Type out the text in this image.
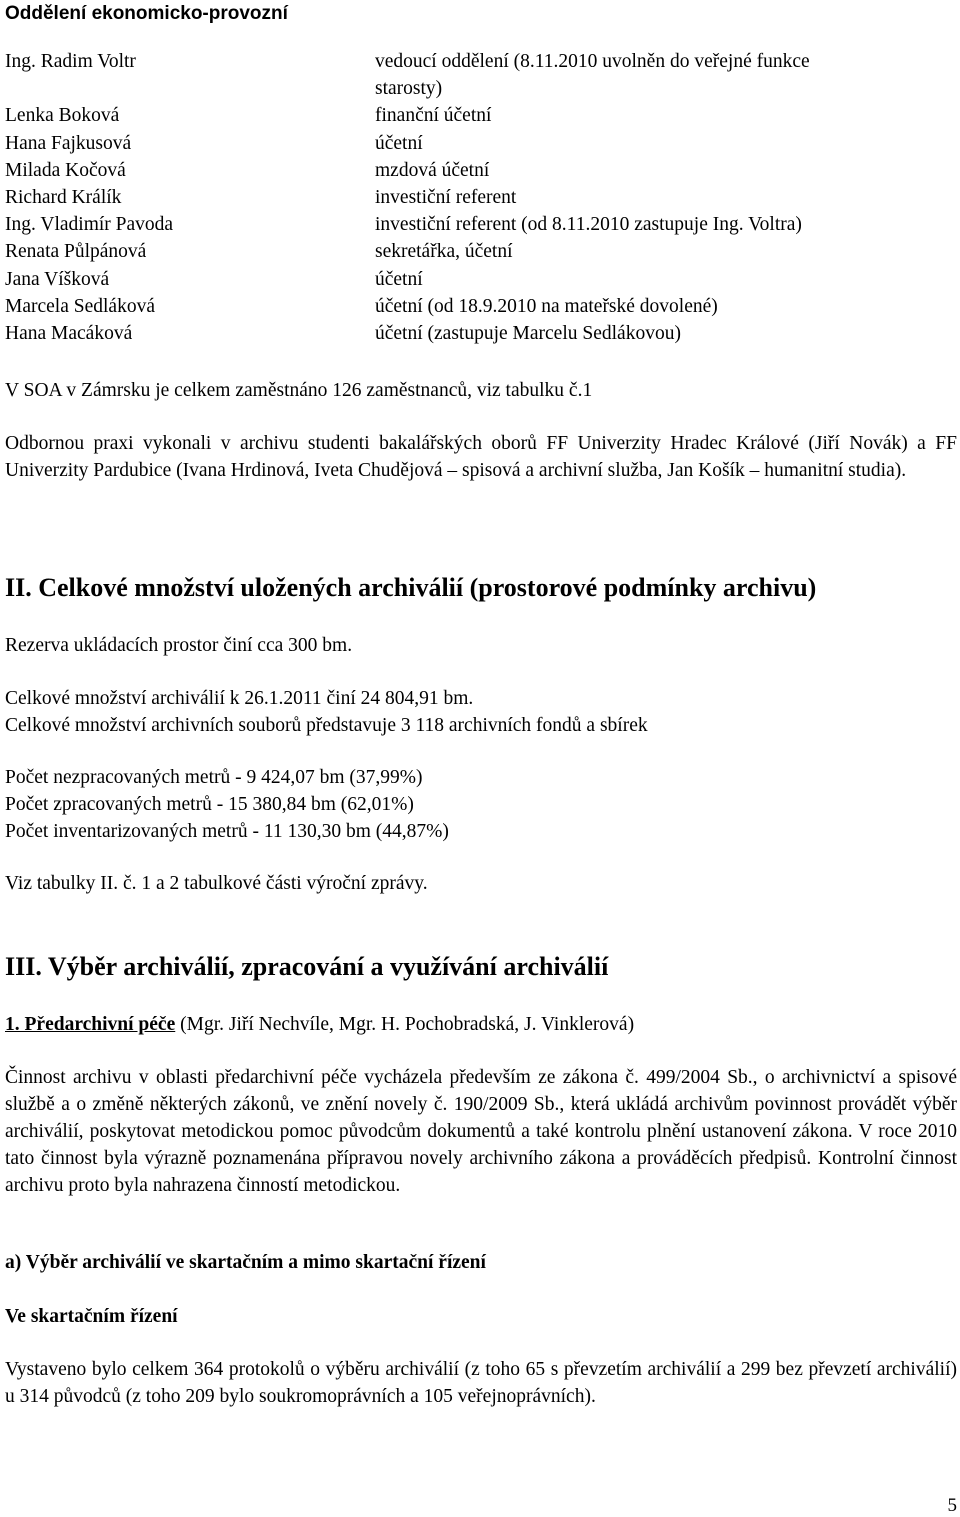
Oddělení ekonomicko-provozní
Ing. Radim Voltr	vedoucí oddělení (8.11.2010 uvolněn do veřejné funkce
starosty)
Lenka Boková	finanční účetní
Hana Fajkusová	účetní
Milada Kočová	mzdová účetní
Richard Králík	investiční referent
Ing. Vladimír Pavoda	investiční referent (od 8.11.2010 zastupuje Ing. Voltra)
Renata Půlpánová	sekretářka, účetní
Jana Víšková	účetní
Marcela Sedláková	účetní (od 18.9.2010 na mateřské dovolené)
Hana Macáková	účetní (zastupuje Marcelu Sedlákovou)
V SOA v Zámrsku je celkem zaměstnáno 126 zaměstnanců, viz tabulku č.1
Odbornou praxi vykonali v archivu studenti bakalářských oborů FF Univerzity Hradec Králové (Jiří Novák) a FF Univerzity Pardubice (Ivana Hrdinová, Iveta Chudějová – spisová a archivní služba, Jan Košík – humanitní studia).
II. Celkové množství uložených archiválií (prostorové podmínky archivu)
Rezerva ukládacích prostor činí cca 300 bm.
Celkové množství archiválií k 26.1.2011 činí 24 804,91 bm.
Celkové množství archivních souborů představuje 3 118 archivních fondů a sbírek
Počet nezpracovaných metrů - 9 424,07 bm (37,99%)
Počet zpracovaných metrů - 15 380,84 bm (62,01%)
Počet inventarizovaných metrů - 11 130,30 bm (44,87%)
Viz tabulky II. č. 1 a 2 tabulkové části výroční zprávy.
III. Výběr archiválií, zpracování a využívání archiválií
1. Předarchivní péče (Mgr. Jiří Nechvíle, Mgr. H. Pochobradská, J. Vinklerová)
Činnost archivu v oblasti předarchivní péče vycházela především ze zákona č. 499/2004 Sb., o archivnictví a spisové službě a o změně některých zákonů, ve znění novely č. 190/2009 Sb., která ukládá archivům povinnost provádět výběr archiválií, poskytovat metodickou pomoc původcům dokumentů a také kontrolu plnění ustanovení zákona. V roce 2010 tato činnost byla výrazně poznamenána přípravou novely archivního zákona a prováděcích předpisů. Kontrolní činnost archivu proto byla nahrazena činností metodickou.
a) Výběr archiválií ve skartačním a mimo skartační řízení
Ve skartačním řízení
Vystaveno bylo celkem 364 protokolů o výběru archiválií (z toho 65 s převzetím archiválií a 299 bez převzetí archiválií) u 314 původců (z toho 209 bylo soukromoprávních a 105 veřejnoprávních).
5
